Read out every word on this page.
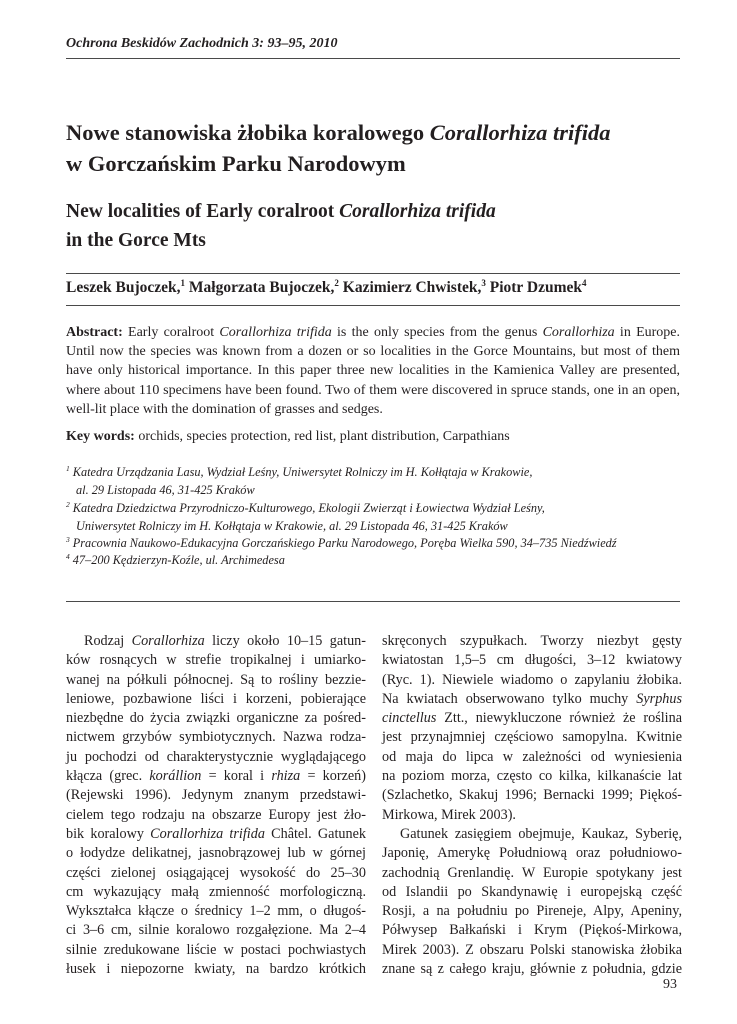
Ochrona Beskidów Zachodnich 3: 93–95, 2010
Nowe stanowiska żłobika koralowego Corallorhiza trifida
w Gorczańskim Parku Narodowym
New localities of Early coralroot Corallorhiza trifida
in the Gorce Mts
Leszek Bujoczek,$^1$ Małgorzata Bujoczek,$^2$ Kazimierz Chwistek,$^3$ Piotr Dzumek$^4$
Abstract: Early coralroot Corallorhiza trifida is the only species from the genus Corallorhiza in Europe. Until now the species was known from a dozen or so localities in the Gorce Mountains, but most of them have only historical importance. In this paper three new localities in the Kamienica Valley are presented, where about 110 specimens have been found. Two of them were discovered in spruce stands, one in an open, well-lit place with the domination of grasses and sedges.
Key words: orchids, species protection, red list, plant distribution, Carpathians
$^1$ Katedra Urządzania Lasu, Wydział Leśny, Uniwersytet Rolniczy im H. Kołłątaja w Krakowie,
al. 29 Listopada 46, 31-425 Kraków
$^2$ Katedra Dziedzictwa Przyrodniczo-Kulturowego, Ekologii Zwierząt i Łowiectwa Wydział Leśny,
Uniwersytet Rolniczy im H. Kołłątaja w Krakowie, al. 29 Listopada 46, 31-425 Kraków
$^3$ Pracownia Naukowo-Edukacyjna Gorczańskiego Parku Narodowego, Poręba Wielka 590, 34–735 Niedźwiedź
$^4$ 47–200 Kędzierzyn-Koźle, ul. Archimedesa
Rodzaj Corallorhiza liczy około 10–15 gatun-
ków rosnących w strefie tropikalnej i umiarko-
wanej na półkuli północnej. Są to rośliny bezzie-
leniowe, pozbawione liści i korzeni, pobierające
niezbędne do życia związki organiczne za pośred-
nictwem grzybów symbiotycznych. Nazwa rodza-
ju pochodzi od charakterystycznie wyglądającego
kłącza (grec. korállion = koral i rhiza = korzeń)
(Rejewski 1996). Jedynym znanym przedstawi-
cielem tego rodzaju na obszarze Europy jest żło-
bik koralowy Corallorhiza trifida Châtel. Gatunek
o łodydze delikatnej, jasnobrązowej lub w górnej
części zielonej osiągającej wysokość do 25–30
cm wykazujący małą zmienność morfologiczną.
Wykształca kłącze o średnicy 1–2 mm, o długoś-
ci 3–6 cm, silnie koralowo rozgałęzione. Ma 2–4
silnie zredukowane liście w postaci pochwiastych
łusek i niepozorne kwiaty, na bardzo krótkich
skręconych szypułkach. Tworzy niezbyt gęsty
kwiatostan 1,5–5 cm długości, 3–12 kwiatowy
(Ryc. 1). Niewiele wiadomo o zapylaniu żłobika.
Na kwiatach obserwowano tylko muchy Syrphus
cinctellus Ztt., niewykluczone również że roślina
jest przynajmniej częściowo samopylna. Kwitnie
od maja do lipca w zależności od wyniesienia
na poziom morza, często co kilka, kilkanaście lat
(Szlachetko, Skakuj 1996; Bernacki 1999; Piękoś-
Mirkowa, Mirek 2003).
Gatunek zasięgiem obejmuje, Kaukaz, Syberię,
Japonię, Amerykę Południową oraz południowo-
zachodnią Grenlandię. W Europie spotykany jest
od Islandii po Skandynawię i europejską część
Rosji, a na południu po Pireneje, Alpy, Apeniny,
Półwysep Bałkański i Krym (Piękoś-Mirkowa,
Mirek 2003). Z obszaru Polski stanowiska żłobika
znane są z całego kraju, głównie z południa, gdzie
93
